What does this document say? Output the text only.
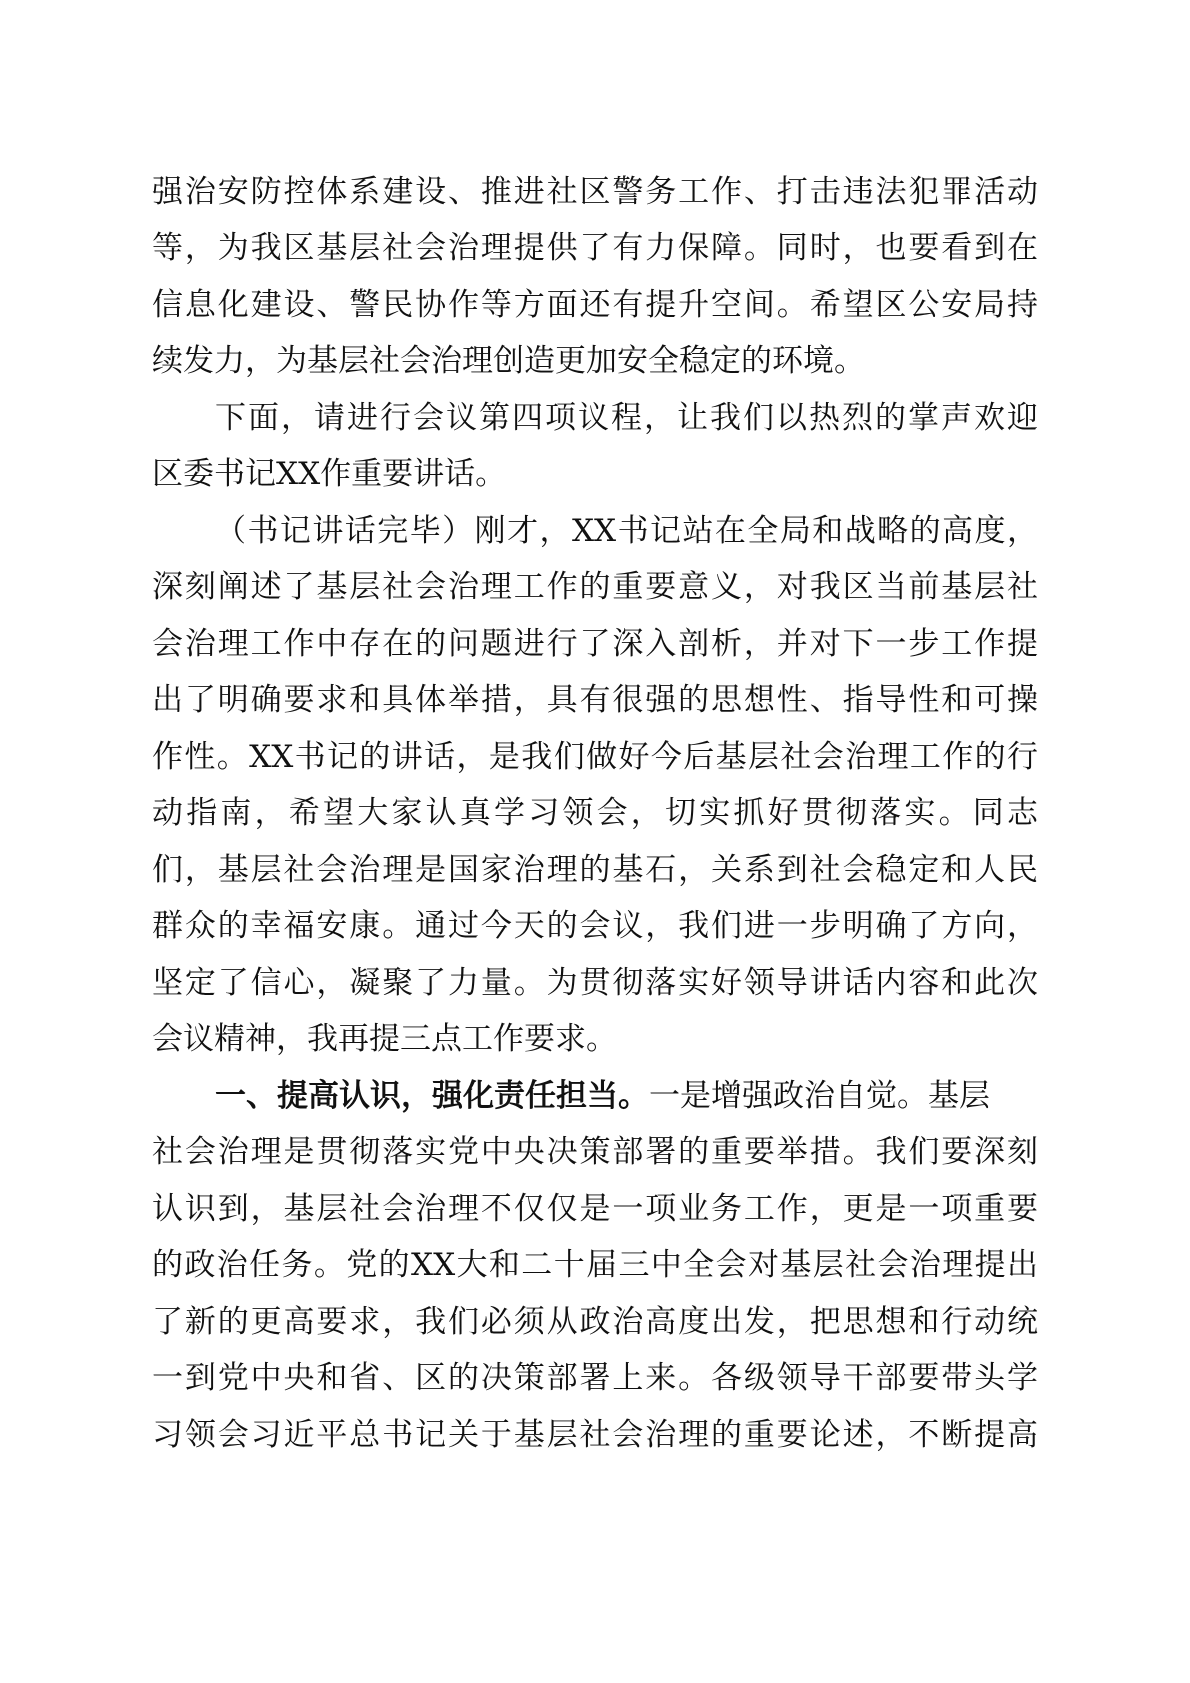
强治安防控体系建设、推进社区警务工作、打击违法犯罪活动

等，为我区基层社会治理提供了有力保障。同时，也要看到在

信息化建设、警民协作等方面还有提升空间。希望区公安局持

续发力，为基层社会治理创造更加安全稳定的环境。

下面，请进行会议第四项议程，让我们以热烈的掌声欢迎

区委书记XX作重要讲话。

（书记讲话完毕）刚才，XX书记站在全局和战略的高度，

深刻阐述了基层社会治理工作的重要意义，对我区当前基层社

会治理工作中存在的问题进行了深入剖析，并对下一步工作提

出了明确要求和具体举措，具有很强的思想性、指导性和可操

作性。XX书记的讲话，是我们做好今后基层社会治理工作的行

动指南，希望大家认真学习领会，切实抓好贯彻落实。同志

们，基层社会治理是国家治理的基石，关系到社会稳定和人民

群众的幸福安康。通过今天的会议，我们进一步明确了方向，

坚定了信心，凝聚了力量。为贯彻落实好领导讲话内容和此次

会议精神，我再提三点工作要求。

一、提高认识，强化责任担当。一是增强政治自觉。基层

社会治理是贯彻落实党中央决策部署的重要举措。我们要深刻

认识到，基层社会治理不仅仅是一项业务工作，更是一项重要

的政治任务。党的XX大和二十届三中全会对基层社会治理提出

了新的更高要求，我们必须从政治高度出发，把思想和行动统

一到党中央和省、区的决策部署上来。各级领导干部要带头学

习领会习近平总书记关于基层社会治理的重要论述，不断提高
